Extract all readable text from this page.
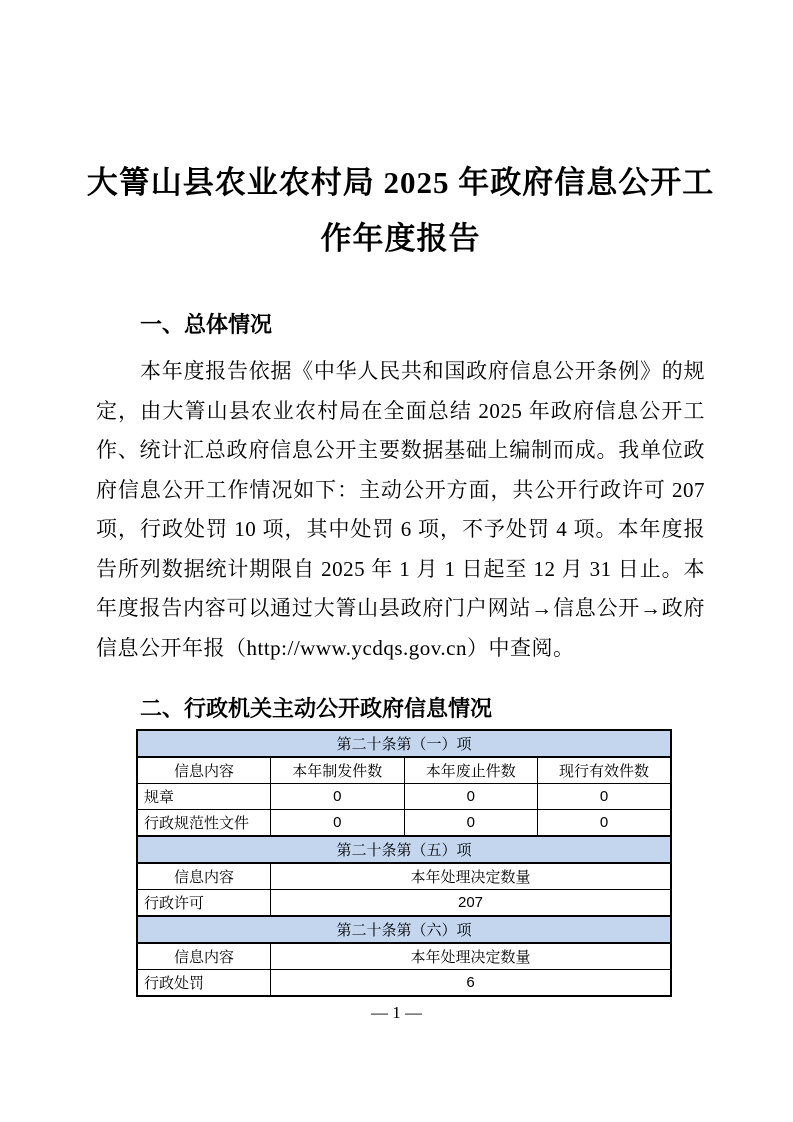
大箐山县农业农村局 2025 年政府信息公开工
作年度报告
一、总体情况
本年度报告依据《中华人民共和国政府信息公开条例》的规定，由大箐山县农业农村局在全面总结 2025 年政府信息公开工作、统计汇总政府信息公开主要数据基础上编制而成。我单位政府信息公开工作情况如下：主动公开方面，共公开行政许可 207 项，行政处罚 10 项，其中处罚 6 项，不予处罚 4 项。本年度报告所列数据统计期限自 2025 年 1 月 1 日起至 12 月 31 日止。本年度报告内容可以通过大箐山县政府门户网站→信息公开→政府信息公开年报（http://www.ycdqs.gov.cn）中查阅。
二、行政机关主动公开政府信息情况
第二十条第（一）项			
信息内容	本年制发件数	本年废止件数	现行有效件数
规章	0	0	0
行政规范性文件	0	0	0
第二十条第（五）项			
信息内容	本年处理决定数量		
行政许可	207		
第二十条第（六）项			
信息内容	本年处理决定数量		
行政处罚	6		
— 1 —
